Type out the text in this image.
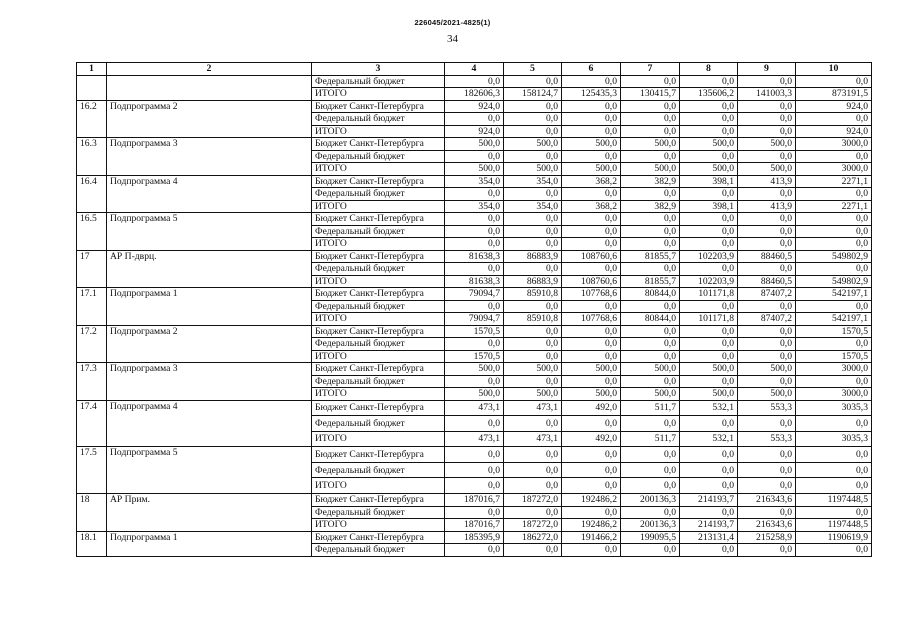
226045/2021-4825(1)
34
1	2	3	4	5	6	7	8	9	10
		Федеральный бюджет	0,0	0,0	0,0	0,0	0,0	0,0	0,0
		ИТОГО	182606,3	158124,7	125435,3	130415,7	135606,2	141003,3	873191,5
16.2	Подпрограмма 2	Бюджет Санкт-Петербурга	924,0	0,0	0,0	0,0	0,0	0,0	924,0
		Федеральный бюджет	0,0	0,0	0,0	0,0	0,0	0,0	0,0
		ИТОГО	924,0	0,0	0,0	0,0	0,0	0,0	924,0
16.3	Подпрограмма 3	Бюджет Санкт-Петербурга	500,0	500,0	500,0	500,0	500,0	500,0	3000,0
		Федеральный бюджет	0,0	0,0	0,0	0,0	0,0	0,0	0,0
		ИТОГО	500,0	500,0	500,0	500,0	500,0	500,0	3000,0
16.4	Подпрограмма 4	Бюджет Санкт-Петербурга	354,0	354,0	368,2	382,9	398,1	413,9	2271,1
		Федеральный бюджет	0,0	0,0	0,0	0,0	0,0	0,0	0,0
		ИТОГО	354,0	354,0	368,2	382,9	398,1	413,9	2271,1
16.5	Подпрограмма 5	Бюджет Санкт-Петербурга	0,0	0,0	0,0	0,0	0,0	0,0	0,0
		Федеральный бюджет	0,0	0,0	0,0	0,0	0,0	0,0	0,0
		ИТОГО	0,0	0,0	0,0	0,0	0,0	0,0	0,0
17	АР П-дврц.	Бюджет Санкт-Петербурга	81638,3	86883,9	108760,6	81855,7	102203,9	88460,5	549802,9
		Федеральный бюджет	0,0	0,0	0,0	0,0	0,0	0,0	0,0
		ИТОГО	81638,3	86883,9	108760,6	81855,7	102203,9	88460,5	549802,9
17.1	Подпрограмма 1	Бюджет Санкт-Петербурга	79094,7	85910,8	107768,6	80844,0	101171,8	87407,2	542197,1
		Федеральный бюджет	0,0	0,0	0,0	0,0	0,0	0,0	0,0
		ИТОГО	79094,7	85910,8	107768,6	80844,0	101171,8	87407,2	542197,1
17.2	Подпрограмма 2	Бюджет Санкт-Петербурга	1570,5	0,0	0,0	0,0	0,0	0,0	1570,5
		Федеральный бюджет	0,0	0,0	0,0	0,0	0,0	0,0	0,0
		ИТОГО	1570,5	0,0	0,0	0,0	0,0	0,0	1570,5
17.3	Подпрограмма 3	Бюджет Санкт-Петербурга	500,0	500,0	500,0	500,0	500,0	500,0	3000,0
		Федеральный бюджет	0,0	0,0	0,0	0,0	0,0	0,0	0,0
		ИТОГО	500,0	500,0	500,0	500,0	500,0	500,0	3000,0
17.4	Подпрограмма 4	Бюджет Санкт-Петербурга	473,1	473,1	492,0	511,7	532,1	553,3	3035,3
		Федеральный бюджет	0,0	0,0	0,0	0,0	0,0	0,0	0,0
		ИТОГО	473,1	473,1	492,0	511,7	532,1	553,3	3035,3
17.5	Подпрограмма 5	Бюджет Санкт-Петербурга	0,0	0,0	0,0	0,0	0,0	0,0	0,0
		Федеральный бюджет	0,0	0,0	0,0	0,0	0,0	0,0	0,0
		ИТОГО	0,0	0,0	0,0	0,0	0,0	0,0	0,0
18	АР Прим.	Бюджет Санкт-Петербурга	187016,7	187272,0	192486,2	200136,3	214193,7	216343,6	1197448,5
		Федеральный бюджет	0,0	0,0	0,0	0,0	0,0	0,0	0,0
		ИТОГО	187016,7	187272,0	192486,2	200136,3	214193,7	216343,6	1197448,5
18.1	Подпрограмма 1	Бюджет Санкт-Петербурга	185395,9	186272,0	191466,2	199095,5	213131,4	215258,9	1190619,9
		Федеральный бюджет	0,0	0,0	0,0	0,0	0,0	0,0	0,0
